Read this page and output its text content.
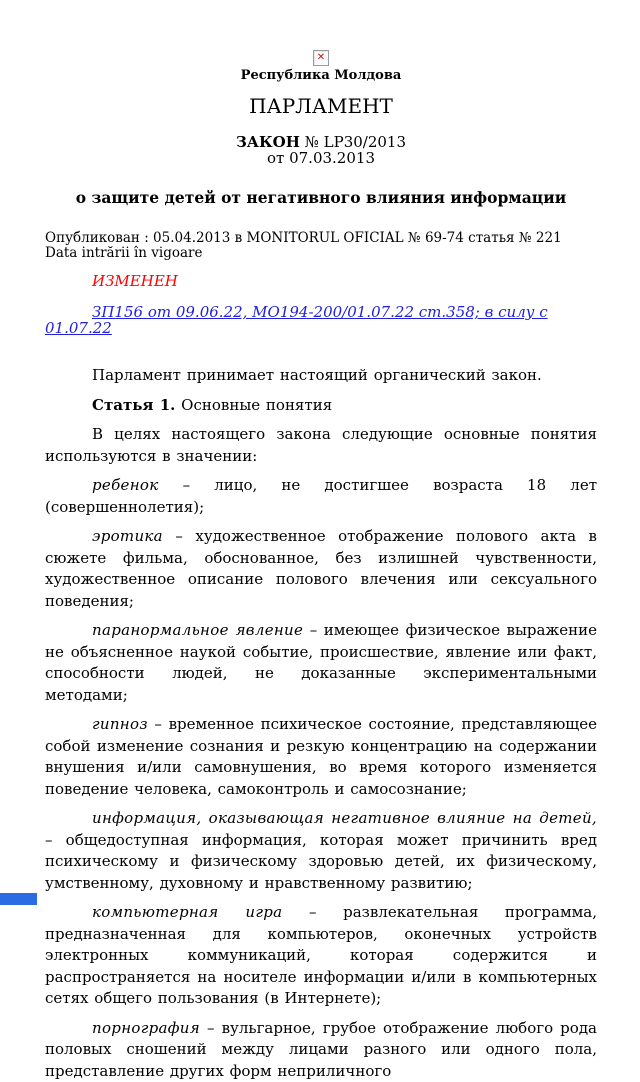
✕
Республика Молдова
ПАРЛАМЕНТ
ЗАКОН № LP30/2013
от 07.03.2013
о защите детей от негативного влияния информации
Опубликован : 05.04.2013 в MONITORUL OFICIAL № 69-74 статья № 221 Data intrării în vigoare
ИЗМЕНЕН
ЗП156 от 09.06.22, МО194-200/01.07.22 ст.358; в силу с 01.07.22
Парламент принимает настоящий органический закон.
Статья 1. Основные понятия
В целях настоящего закона следующие основные понятия используются в значении:
ребенок – лицо, не достигшее возраста 18 лет (совершеннолетия);
эротика – художественное отображение полового акта в сюжете фильма, обоснованное, без излишней чувственности, художественное описание полового влечения или сексуального поведения;
паранормальное явление – имеющее физическое выражение не объясненное наукой событие, происшествие, явление или факт, способности людей, не доказанные экспериментальными методами;
гипноз – временное психическое состояние, представляющее собой изменение сознания и резкую концентрацию на содержании внушения и/или самовнушения, во время которого изменяется поведение человека, самоконтроль и самосознание;
информация, оказывающая негативное влияние на детей, – общедоступная информация, которая может причинить вред психическому и физическому здоровью детей, их физическому, умственному, духовному и нравственному развитию;
компьютерная игра – развлекательная программа, предназначенная для компьютеров, оконечных устройств электронных коммуникаций, которая содержится и распространяется на носителе информации и/или в компьютерных сетях общего пользования (в Интернете);
порнография – вульгарное, грубое отображение любого рода половых сношений между лицами разного или одного пола, представление других форм неприличного
